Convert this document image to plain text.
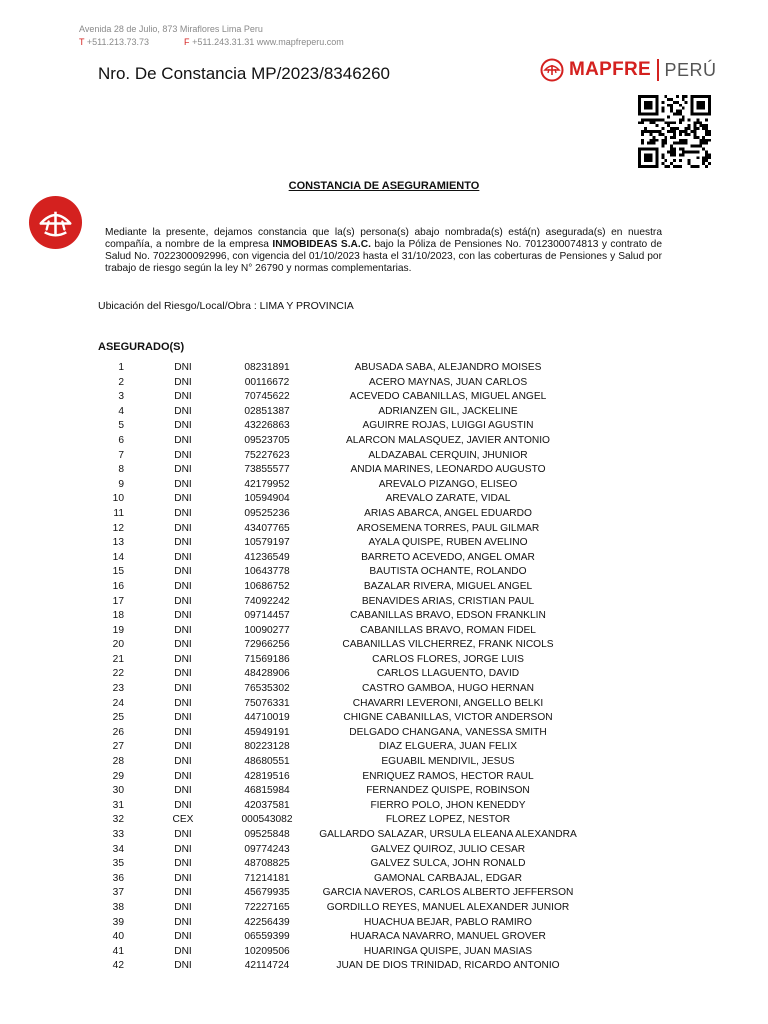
Avenida 28 de Julio, 873 Miraflores Lima Peru
T +511.213.73.73	F +511.243.31.31 www.mapfreperu.com
Nro. De Constancia MP/2023/8346260	MAPFRE PERÚ
CONSTANCIA DE ASEGURAMIENTO
Mediante la presente, dejamos constancia que la(s) persona(s) abajo nombrada(s) está(n) asegurada(s) en nuestra compañía, a nombre de la empresa INMOBIDEAS S.A.C. bajo la Póliza de Pensiones No. 7012300074813 y contrato de Salud No. 7022300092996, con vigencia del 01/10/2023 hasta el 31/10/2023, con las coberturas de Pensiones y Salud por trabajo de riesgo según la ley N° 26790 y normas complementarias.
Ubicación del Riesgo/Local/Obra : LIMA Y PROVINCIA
ASEGURADO(S)
1	DNI	08231891	ABUSADA SABA, ALEJANDRO MOISES
2	DNI	00116672	ACERO MAYNAS, JUAN CARLOS
3	DNI	70745622	ACEVEDO CABANILLAS, MIGUEL ANGEL
4	DNI	02851387	ADRIANZEN GIL, JACKELINE
5	DNI	43226863	AGUIRRE ROJAS, LUIGGI AGUSTIN
6	DNI	09523705	ALARCON MALASQUEZ, JAVIER ANTONIO
7	DNI	75227623	ALDAZABAL CERQUIN, JHUNIOR
8	DNI	73855577	ANDIA MARINES, LEONARDO AUGUSTO
9	DNI	42179952	AREVALO PIZANGO, ELISEO
10	DNI	10594904	AREVALO ZARATE, VIDAL
11	DNI	09525236	ARIAS ABARCA, ANGEL EDUARDO
12	DNI	43407765	AROSEMENA TORRES, PAUL GILMAR
13	DNI	10579197	AYALA QUISPE, RUBEN AVELINO
14	DNI	41236549	BARRETO ACEVEDO, ANGEL OMAR
15	DNI	10643778	BAUTISTA OCHANTE, ROLANDO
16	DNI	10686752	BAZALAR RIVERA, MIGUEL ANGEL
17	DNI	74092242	BENAVIDES ARIAS, CRISTIAN PAUL
18	DNI	09714457	CABANILLAS BRAVO, EDSON FRANKLIN
19	DNI	10090277	CABANILLAS BRAVO, ROMAN FIDEL
20	DNI	72966256	CABANILLAS VILCHERREZ, FRANK NICOLS
21	DNI	71569186	CARLOS FLORES, JORGE LUIS
22	DNI	48428906	CARLOS LLAGUENTO, DAVID
23	DNI	76535302	CASTRO GAMBOA, HUGO HERNAN
24	DNI	75076331	CHAVARRI LEVERONI, ANGELLO BELKI
25	DNI	44710019	CHIGNE CABANILLAS, VICTOR ANDERSON
26	DNI	45949191	DELGADO CHANGANA, VANESSA SMITH
27	DNI	80223128	DIAZ ELGUERA, JUAN FELIX
28	DNI	48680551	EGUABIL MENDIVIL, JESUS
29	DNI	42819516	ENRIQUEZ RAMOS, HECTOR RAUL
30	DNI	46815984	FERNANDEZ QUISPE, ROBINSON
31	DNI	42037581	FIERRO POLO, JHON KENEDDY
32	CEX	000543082	FLOREZ LOPEZ, NESTOR
33	DNI	09525848	GALLARDO SALAZAR, URSULA ELEANA ALEXANDRA
34	DNI	09774243	GALVEZ QUIROZ, JULIO CESAR
35	DNI	48708825	GALVEZ SULCA, JOHN RONALD
36	DNI	71214181	GAMONAL CARBAJAL, EDGAR
37	DNI	45679935	GARCIA NAVEROS, CARLOS ALBERTO JEFFERSON
38	DNI	72227165	GORDILLO REYES, MANUEL ALEXANDER JUNIOR
39	DNI	42256439	HUACHUA BEJAR, PABLO RAMIRO
40	DNI	06559399	HUARACA NAVARRO, MANUEL GROVER
41	DNI	10209506	HUARINGA QUISPE, JUAN MASIAS
42	DNI	42114724	JUAN DE DIOS TRINIDAD, RICARDO ANTONIO
